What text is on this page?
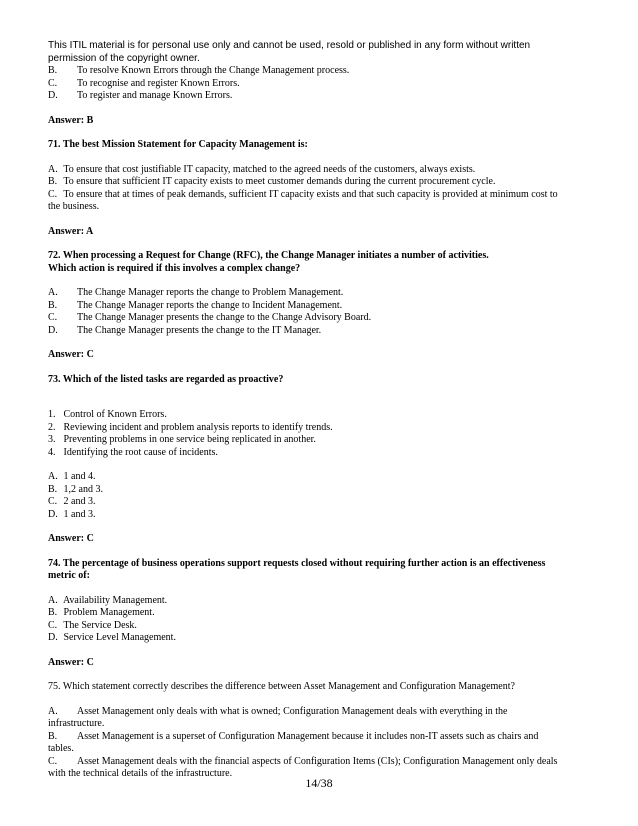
This ITIL material is for personal use only and cannot be used, resold or published in any form without written
permission of the copyright owner.
B.	To resolve Known Errors through the Change Management process.
C.	To recognise and register Known Errors.
D.	To register and manage Known Errors.
Answer: B
71. The best Mission Statement for Capacity Management is:
A. To ensure that cost justifiable IT capacity, matched to the agreed needs of the customers, always exists.
B. To ensure that sufficient IT capacity exists to meet customer demands during the current procurement cycle.
C. To ensure that at times of peak demands, sufficient IT capacity exists and that such capacity is provided at minimum cost to
the business.
Answer: A
72. When processing a Request for Change (RFC), the Change Manager initiates a number of activities.
Which action is required if this involves a complex change?
A.	The Change Manager reports the change to Problem Management.
B.	The Change Manager reports the change to Incident Management.
C.	The Change Manager presents the change to the Change Advisory Board.
D.	The Change Manager presents the change to the IT Manager.
Answer: C
73. Which of the listed tasks are regarded as proactive?
1. Control of Known Errors.
2. Reviewing incident and problem analysis reports to identify trends.
3. Preventing problems in one service being replicated in another.
4. Identifying the root cause of incidents.
A. 1 and 4.
B. 1,2 and 3.
C. 2 and 3.
D. 1 and 3.
Answer: C
74. The percentage of business operations support requests closed without requiring further action is an effectiveness
metric of:
A. Availability Management.
B. Problem Management.
C. The Service Desk.
D. Service Level Management.
Answer: C
75. Which statement correctly describes the difference between Asset Management and Configuration Management?
A.	Asset Management only deals with what is owned; Configuration Management deals with everything in the
infrastructure.
B.	Asset Management is a superset of Configuration Management because it includes non-IT assets such as chairs and
tables.
C.	Asset Management deals with the financial aspects of Configuration Items (CIs); Configuration Management only deals
with the technical details of the infrastructure.
14/38
